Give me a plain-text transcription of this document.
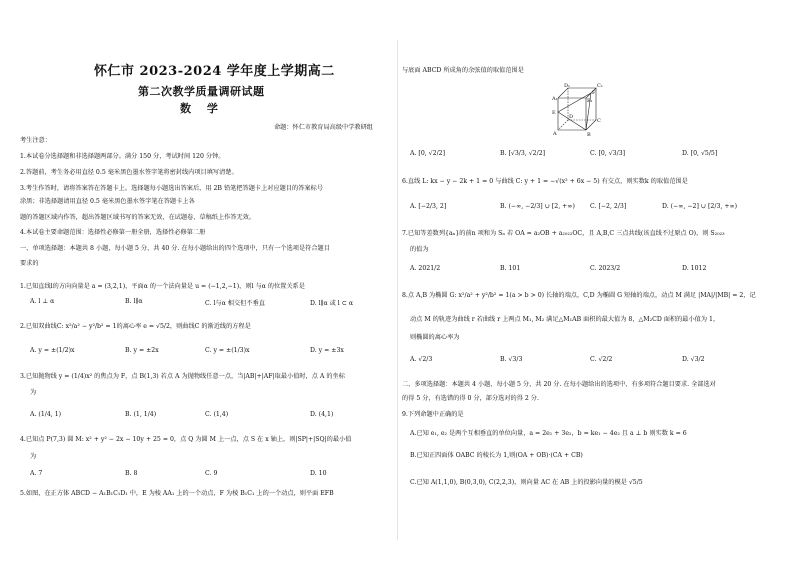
怀仁市 2023-2024 学年度上学期高二
第二次教学质量调研试题
数 学
命题：怀仁市教育局高级中学教研组
考生注意：
1.本试卷分选择题和非选择题两部分。满分 150 分，考试时间 120 分钟。
2.答题前，考生务必用直径 0.5 毫米黑色墨水签字笔将密封线内项目填写清楚。
3.考生作答时，请将答案答在答题卡上。选择题每小题选出答案后，用 2B 铅笔把答题卡上对应题目的答案标号
涂黑；非选择题请用直径 0.5 毫米黑色墨水签字笔在答题卡上各
题的答题区域内作答，超出答题区域书写的答案无效，在试题卷、草稿纸上作答无效。
4.本试卷主要命题范围：选择性必修第一册全册，选择性必修第二册
一、单项选择题：本题共 8 小题，每小题 5 分，共 40 分. 在每小题给出的四个选项中，只有一个选项是符合题目
要求的
1.已知直线l的方向向量是 a = (3,2,1)，平面α 的一个法向量是 u = (−1,2,−1)，则l 与α 的位置关系是
A. l ⊥ α	B. l∥α	C. l与α 相交但不垂直	D. l∥α 或 l ⊂ α
2.已知双曲线C: x²/a² − y²/b² = 1的离心率 e = √5/2，则曲线C 的渐近线的方程是
A. y = ±(1/2)x	B. y = ±2x	C. y = ±(1/3)x	D. y = ±3x
3.已知抛物线 y = (1/4)x² 的焦点为 F，点 B(1,3) 若点 A 为抛物线任意一点，当|AB|+|AF|取最小值时，点 A 的坐标
为
A. (1/4, 1)	B. (1, 1/4)	C. (1,4)	D. (4,1)
4.已知点 P(7,3) 圆 M: x² + y² − 2x − 10y + 25 = 0，点 Q 为圆 M 上一点，点 S 在 x 轴上，则|SP|+|SQ|的最小值
为
A. 7	B. 8	C. 9	D. 10
5.如图，在正方体 ABCD − A₁B₁C₁D₁ 中，E 为棱 AA₁ 上的一个动点，F 为棱 B₁C₁ 上的一个动点，则平面 EFB
与底面 ABCD 所成角的余弦值的取值范围是
D₁	C₁
A₁	B₁
E
F
D
C
A	B
A. [0, √2/2]	B. [√3/3, √2/2]	C. [0, √3/3]	D. [0, √5/5]
6.直线 L: kx − y − 2k + 1 = 0 与曲线 C: y + 1 = −√(x² + 6x − 5) 有交点，则实数k 的取值范围是
A. [−2/3, 2]	B. (−∞, −2/3] ∪ [2, +∞) C. [−2, 2/3]	D. (−∞, −2] ∪ [2/3, +∞)
7.已知等差数列{aₙ}的前n 项和为 Sₙ 若 OA = a₂OB + a₂₀₂₂OC，且 A,B,C 三点共线(该直线不过原点 O)，则 S₂₀₂₃
的值为
A. 2021/2	B. 101	C. 2023/2	D. 1012
8.点 A,B 为椭圆 G: x²/a² + y²/b² = 1(a > b > 0) 长轴的端点，C,D 为椭圆 G 短轴的端点，动点 M 满足 |MA|/|MB| = 2，记
动点 M 的轨迹为曲线 r 若曲线 r 上两点 M₁, M₂ 满足△M₁AB 面积的最大值为 8，△M₂CD 面积的最小值为 1，
则椭圆的离心率为
A. √2/3	B. √3/3	C. √2/2	D. √3/2
二、多项选择题：本题共 4 小题，每小题 5 分，共 20 分. 在每小题给出的选项中，有多项符合题目要求. 全部选对
的得 5 分，有选错的得 0 分，部分选对的得 2 分.
9.下列命题中正确的是
A.已知 e₁, e₂ 是两个互相垂直的单位向量，a = 2e₁ + 3e₂，b = ke₁ − 4e₂ 且 a ⊥ b 则实数 k = 6
B.已知正四面体 OABC 的棱长为 1,则(OA + OB)·(CA + CB)
C.已知 A(1,1,0), B(0,3,0), C(2,2,3)，则向量 AC 在 AB 上的投影向量的模是 √5/5
